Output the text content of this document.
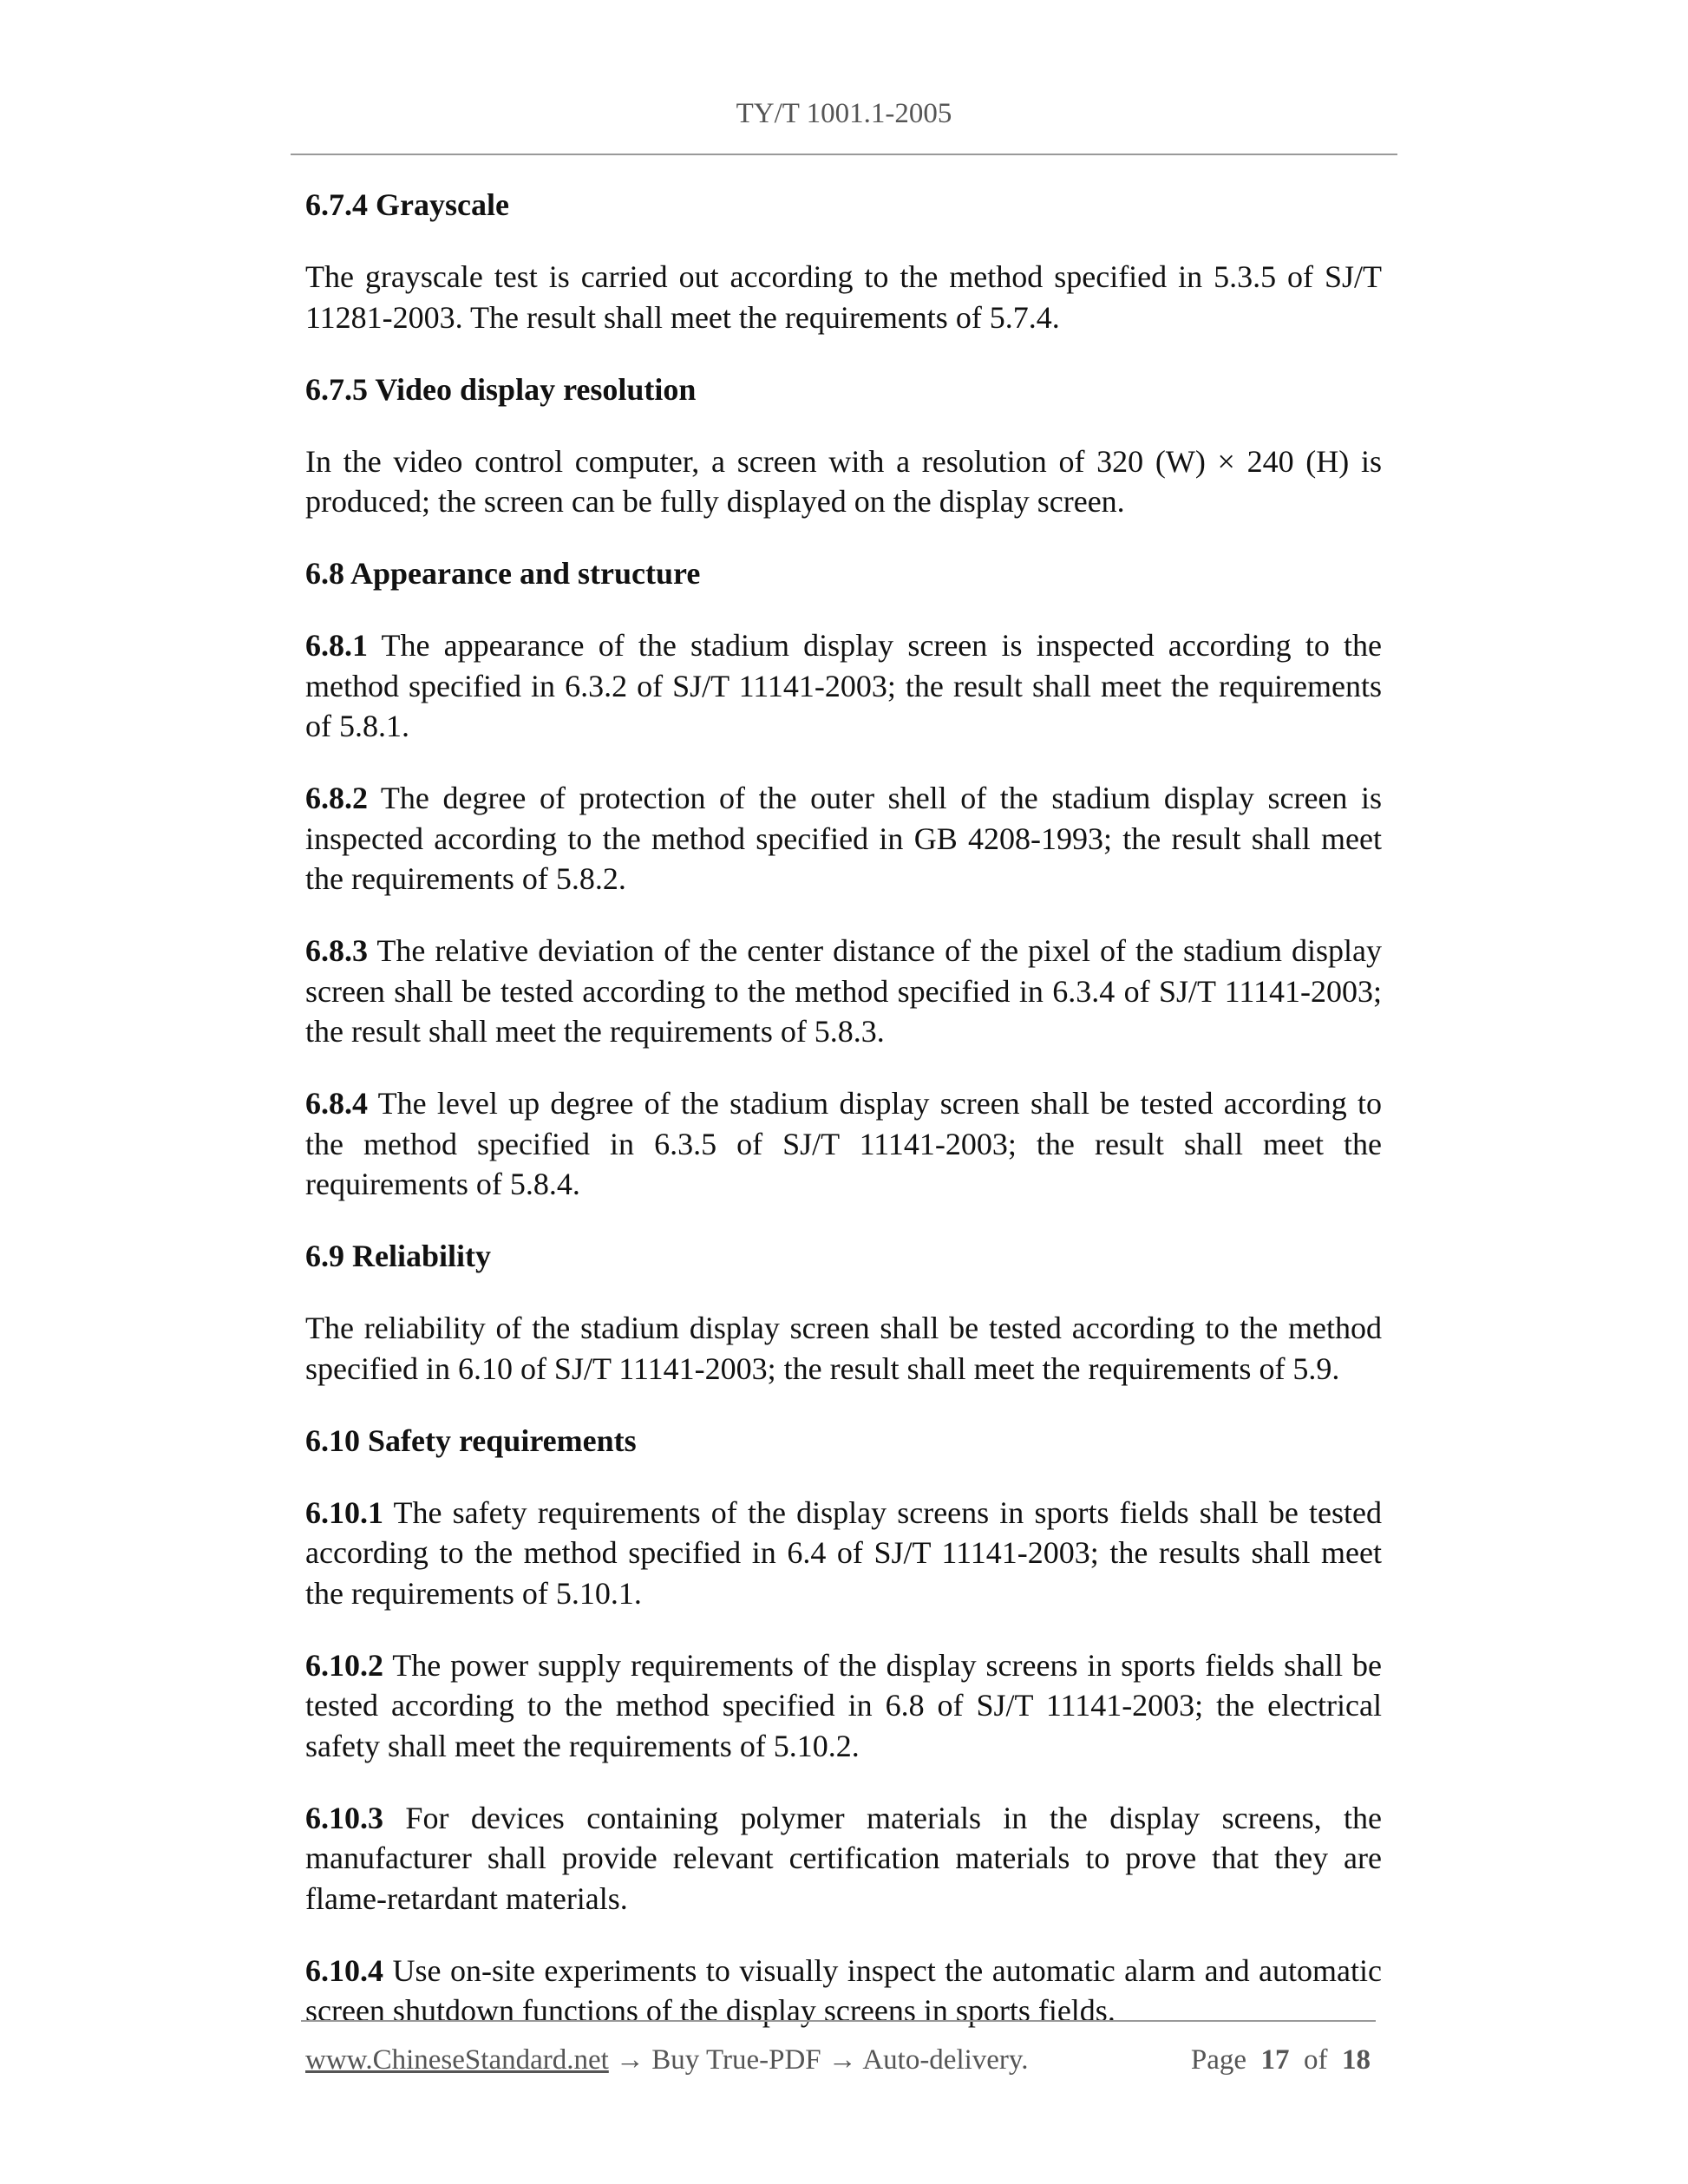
TY/T 1001.1-2005
6.7.4 Grayscale
The grayscale test is carried out according to the method specified in 5.3.5 of SJ/T 11281-2003. The result shall meet the requirements of 5.7.4.
6.7.5 Video display resolution
In the video control computer, a screen with a resolution of 320 (W) × 240 (H) is produced; the screen can be fully displayed on the display screen.
6.8 Appearance and structure
6.8.1 The appearance of the stadium display screen is inspected according to the method specified in 6.3.2 of SJ/T 11141-2003; the result shall meet the requirements of 5.8.1.
6.8.2 The degree of protection of the outer shell of the stadium display screen is inspected according to the method specified in GB 4208-1993; the result shall meet the requirements of 5.8.2.
6.8.3 The relative deviation of the center distance of the pixel of the stadium display screen shall be tested according to the method specified in 6.3.4 of SJ/T 11141-2003; the result shall meet the requirements of 5.8.3.
6.8.4 The level up degree of the stadium display screen shall be tested according to the method specified in 6.3.5 of SJ/T 11141-2003; the result shall meet the requirements of 5.8.4.
6.9 Reliability
The reliability of the stadium display screen shall be tested according to the method specified in 6.10 of SJ/T 11141-2003; the result shall meet the requirements of 5.9.
6.10 Safety requirements
6.10.1 The safety requirements of the display screens in sports fields shall be tested according to the method specified in 6.4 of SJ/T 11141-2003; the results shall meet the requirements of 5.10.1.
6.10.2 The power supply requirements of the display screens in sports fields shall be tested according to the method specified in 6.8 of SJ/T 11141-2003; the electrical safety shall meet the requirements of 5.10.2.
6.10.3 For devices containing polymer materials in the display screens, the manufacturer shall provide relevant certification materials to prove that they are flame-retardant materials.
6.10.4 Use on-site experiments to visually inspect the automatic alarm and automatic screen shutdown functions of the display screens in sports fields.
www.ChineseStandard.net → Buy True-PDF → Auto-delivery.	Page 17 of 18
